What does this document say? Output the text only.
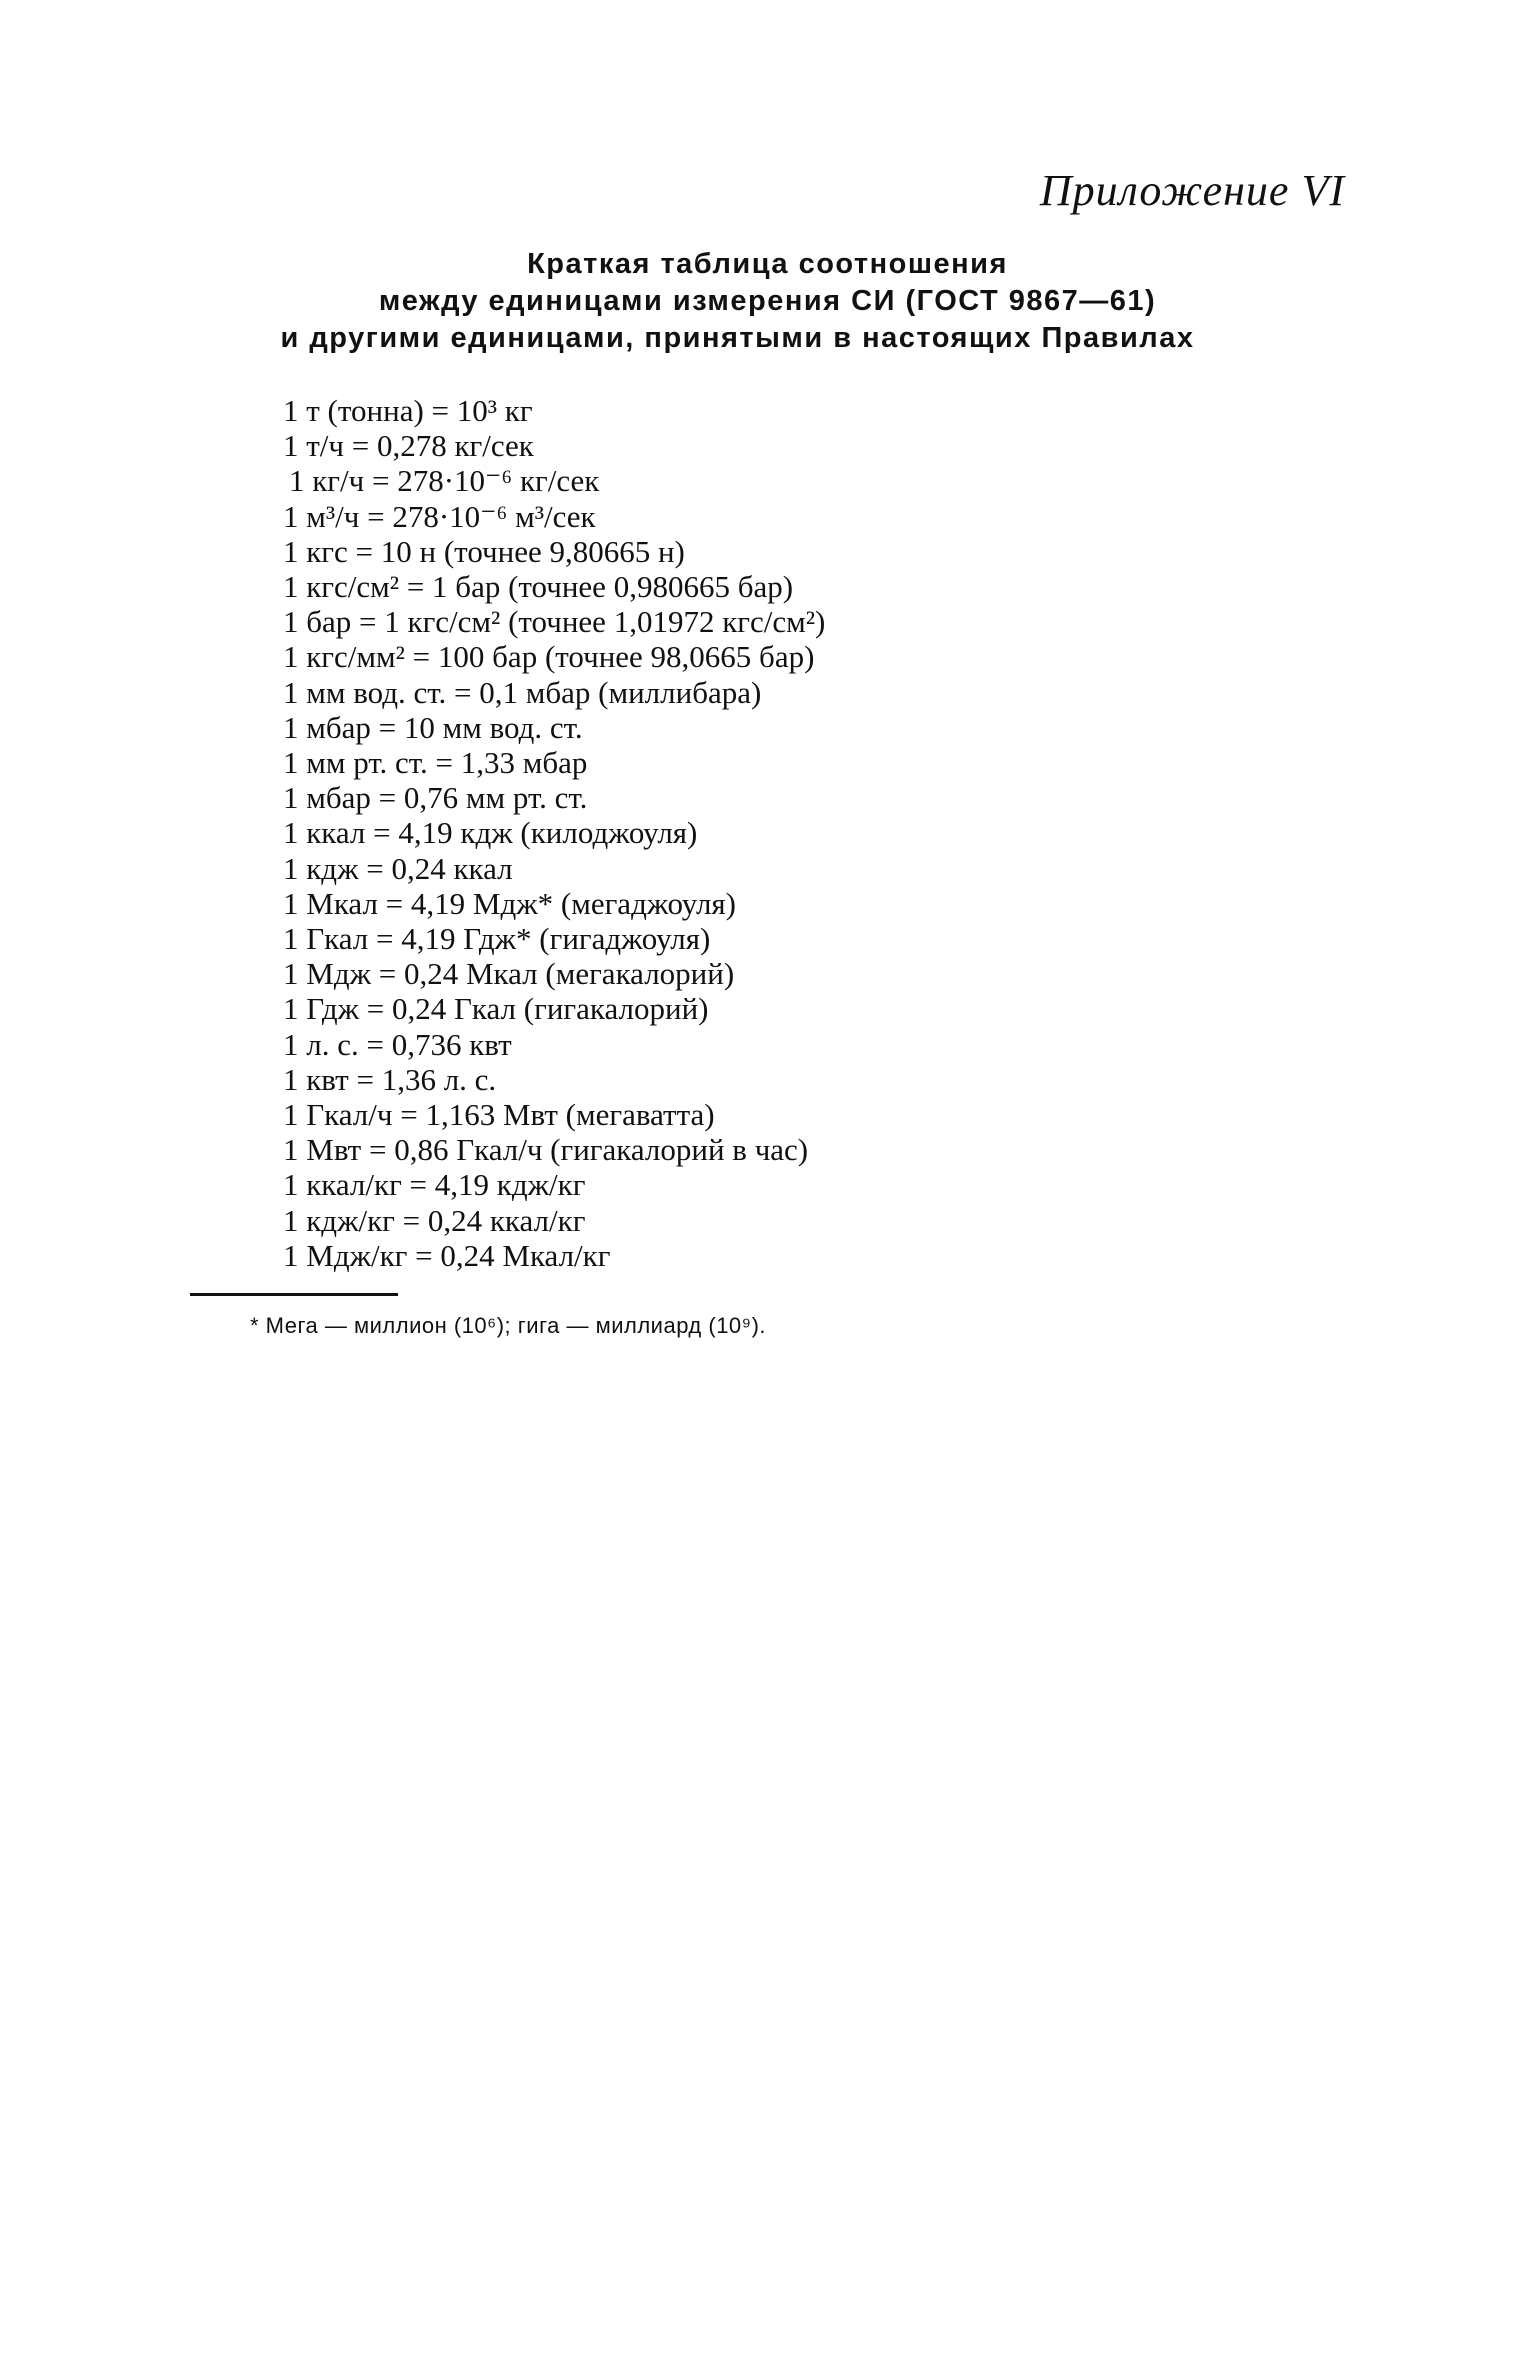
Приложение VI

Краткая таблица соотношения
между единицами измерения СИ (ГОСТ 9867—61)
и другими единицами, принятыми в настоящих Правилах
1 т (тонна) = 10³ кг
1 т/ч = 0,278 кг/сек
1 кг/ч = 278·10⁻⁶ кг/сек
1 м³/ч = 278·10⁻⁶ м³/сек
1 кгс = 10 н (точнее 9,80665 н)
1 кгс/см² = 1 бар (точнее 0,980665 бар)
1 бар = 1 кгс/см² (точнее 1,01972 кгс/см²)
1 кгс/мм² = 100 бар (точнее 98,0665 бар)
1 мм вод. ст. = 0,1 мбар (миллибара)
1 мбар = 10 мм вод. ст.
1 мм рт. ст. = 1,33 мбар
1 мбар = 0,76 мм рт. ст.
1 ккал = 4,19 кдж (килоджоуля)
1 кдж = 0,24 ккал
1 Мкал = 4,19 Мдж* (мегаджоуля)
1 Гкал = 4,19 Гдж* (гигаджоуля)
1 Мдж = 0,24 Мкал (мегакалорий)
1 Гдж = 0,24 Гкал (гигакалорий)
1 л. с. = 0,736 квт
1 квт = 1,36 л. с.
1 Гкал/ч = 1,163 Мвт (мегаватта)
1 Мвт = 0,86 Гкал/ч (гигакалорий в час)
1 ккал/кг = 4,19 кдж/кг
1 кдж/кг = 0,24 ккал/кг
1 Мдж/кг = 0,24 Мкал/кг

* Мега — миллион (10⁶); гига — миллиард (10⁹).
